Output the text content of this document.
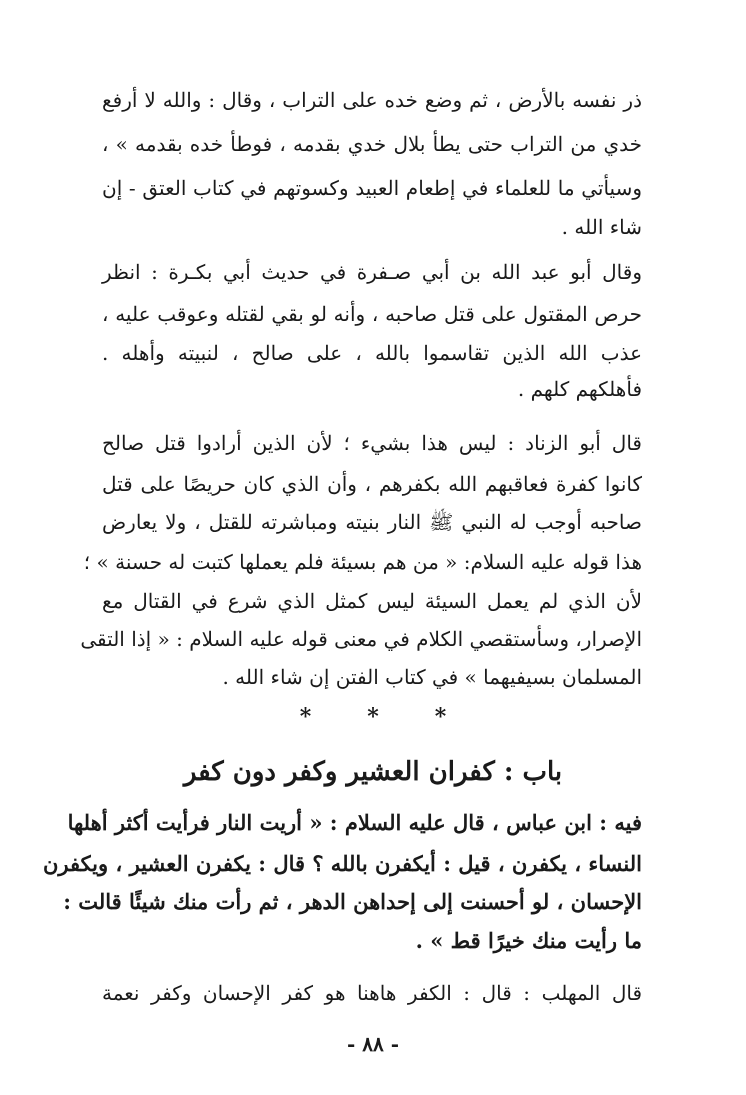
ذر نفسه بالأرض ، ثم وضع خده على التراب ، وقال : والله لا أرفع
خدي من التراب حتى يطأ بلال خدي بقدمه ، فوطأ خده بقدمه » ،
وسيأتي ما للعلماء في إطعام العبيد وكسوتهم في كتاب العتق - إن
شاء الله .
وقال أبو عبد الله بن أبي صـفرة في حديث أبي بكـرة : انظر
حرص المقتول على قتل صاحبه ، وأنه لو بقي لقتله وعوقب عليه ،
عذب الله الذين تقاسموا بالله ، على صالح ، لنبيته وأهله .
فأهلكهم كلهم .
قال أبو الزناد : ليس هذا بشيء ؛ لأن الذين أرادوا قتل صالح
كانوا كفرة فعاقبهم الله بكفرهم ، وأن الذي كان حريصًا على قتل
صاحبه أوجب له النبي ﷺ النار بنيته ومباشرته للقتل ، ولا يعارض
هذا قوله عليه السلام: « من هم بسيئة فلم يعملها كتبت له حسنة » ؛
لأن الذي لم يعمل السيئة ليس كمثل الذي شرع في القتال مع
الإصرار، وسأستقصي الكلام في معنى قوله عليه السلام : « إذا التقى
المسلمان بسيفيهما » في كتاب الفتن إن شاء الله .
*	*	*
باب : كفران العشير وكفر دون كفر
فيه : ابن عباس ، قال عليه السلام : « أريت النار فرأيت أكثر أهلها
النساء ، يكفرن ، قيل : أيكفرن بالله ؟ قال : يكفرن العشير ، ويكفرن
الإحسان ، لو أحسنت إلى إحداهن الدهر ، ثم رأت منك شيئًا قالت :
ما رأيت منك خيرًا قط » .
قال المهلب : قال : الكفر هاهنا هو كفر الإحسان وكفر نعمة
- ٨٨ -
